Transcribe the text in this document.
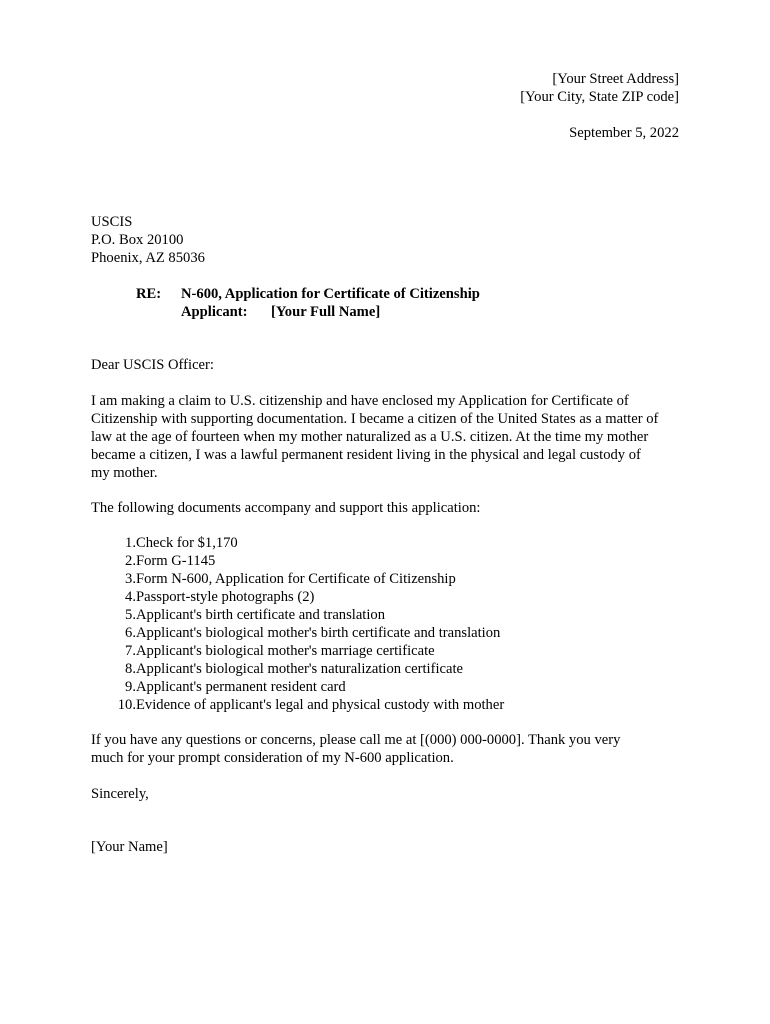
[Your Street Address]
[Your City, State ZIP code]
September 5, 2022
USCIS
P.O. Box 20100
Phoenix, AZ 85036
RE: N-600, Application for Certificate of Citizenship
Applicant: [Your Full Name]
Dear USCIS Officer:
I am making a claim to U.S. citizenship and have enclosed my Application for Certificate of
Citizenship with supporting documentation. I became a citizen of the United States as a matter of
law at the age of fourteen when my mother naturalized as a U.S. citizen. At the time my mother
became a citizen, I was a lawful permanent resident living in the physical and legal custody of
my mother.
The following documents accompany and support this application:
1. Check for $1,170
2. Form G-1145
3. Form N-600, Application for Certificate of Citizenship
4. Passport-style photographs (2)
5. Applicant's birth certificate and translation
6. Applicant's biological mother's birth certificate and translation
7. Applicant's biological mother's marriage certificate
8. Applicant's biological mother's naturalization certificate
9. Applicant's permanent resident card
10. Evidence of applicant's legal and physical custody with mother
If you have any questions or concerns, please call me at [(000) 000-0000]. Thank you very
much for your prompt consideration of my N-600 application.
Sincerely,
[Your Name]
